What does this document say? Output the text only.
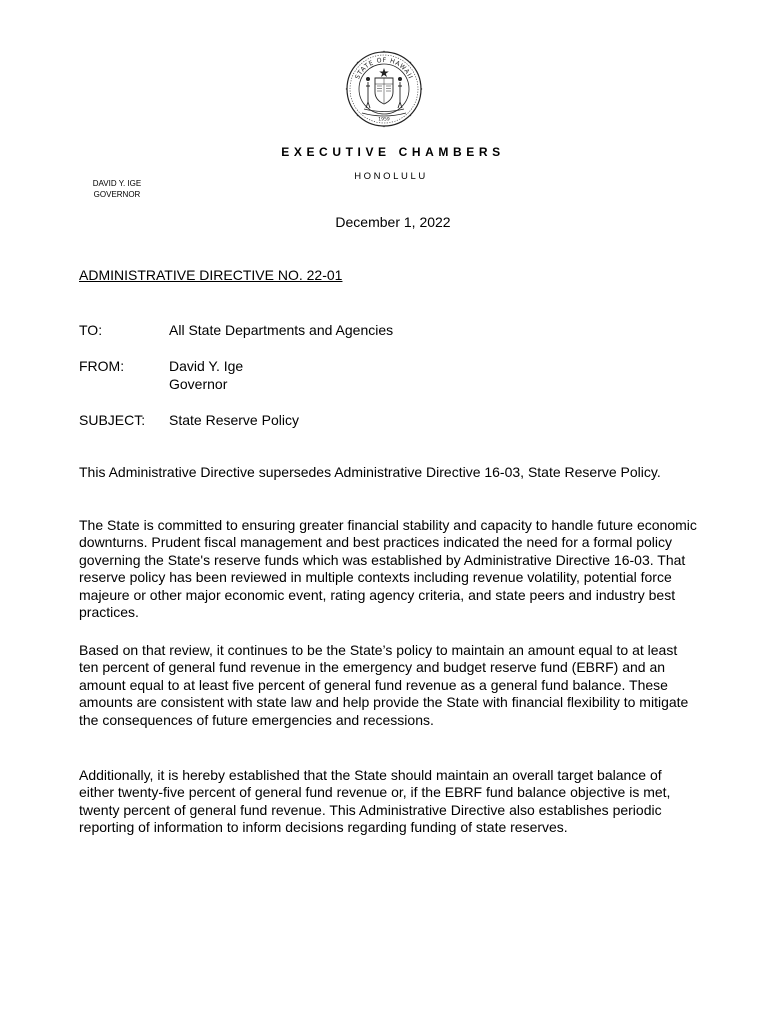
STATE OF HAWAII
1959
EXECUTIVE CHAMBERS
HONOLULU
DAVID Y. IGE
GOVERNOR
December 1, 2022
ADMINISTRATIVE DIRECTIVE NO. 22-01
TO:	All State Departments and Agencies
FROM:	David Y. Ige
Governor
SUBJECT: State Reserve Policy

This Administrative Directive supersedes Administrative Directive 16-03, State Reserve Policy.

The State is committed to ensuring greater financial stability and capacity to handle future economic downturns. Prudent fiscal management and best practices indicated the need for a formal policy governing the State's reserve funds which was established by Administrative Directive 16-03. That reserve policy has been reviewed in multiple contexts including revenue volatility, potential force majeure or other major economic event, rating agency criteria, and state peers and industry best practices.

Based on that review, it continues to be the State’s policy to maintain an amount equal to at least ten percent of general fund revenue in the emergency and budget reserve fund (EBRF) and an amount equal to at least five percent of general fund revenue as a general fund balance. These amounts are consistent with state law and help provide the State with financial flexibility to mitigate the consequences of future emergencies and recessions.

Additionally, it is hereby established that the State should maintain an overall target balance of either twenty-five percent of general fund revenue or, if the EBRF fund balance objective is met, twenty percent of general fund revenue. This Administrative Directive also establishes periodic reporting of information to inform decisions regarding funding of state reserves.
